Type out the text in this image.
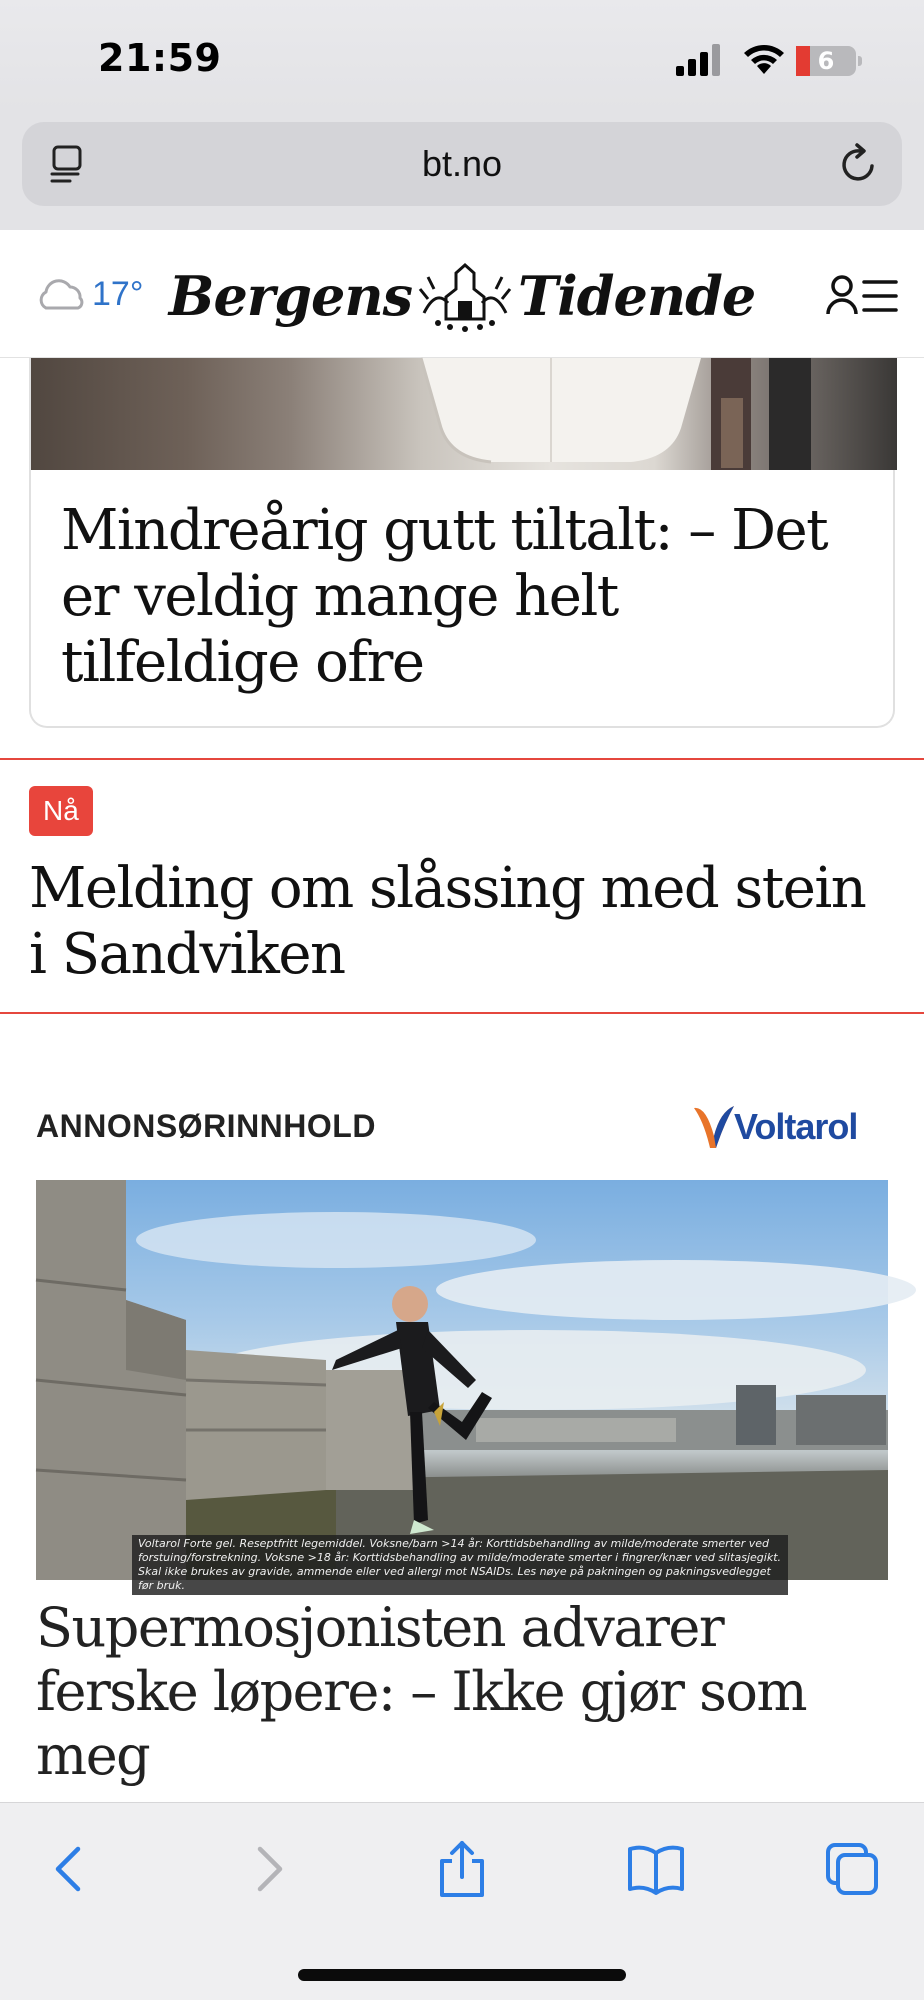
21:59	6
bt.no
17° Bergens Tidende
Mindreårig gutt tiltalt: – Det er veldig mange helt tilfeldige ofre
Nå
Melding om slåssing med stein i Sandviken
ANNONSØRINNHOLD	Voltarol
Voltarol Forte gel. Reseptfritt legemiddel. Voksne/barn >14 år: Korttidsbehandling av milde/moderate smerter ved forstuing/forstrekning. Voksne >18 år: Korttidsbehandling av milde/moderate smerter i fingrer/knær ved slitasjegikt. Skal ikke brukes av gravide, ammende eller ved allergi mot NSAIDs. Les nøye på pakningen og pakningsvedlegget før bruk.
Supermosjonisten advarer ferske løpere: – Ikke gjør som meg
